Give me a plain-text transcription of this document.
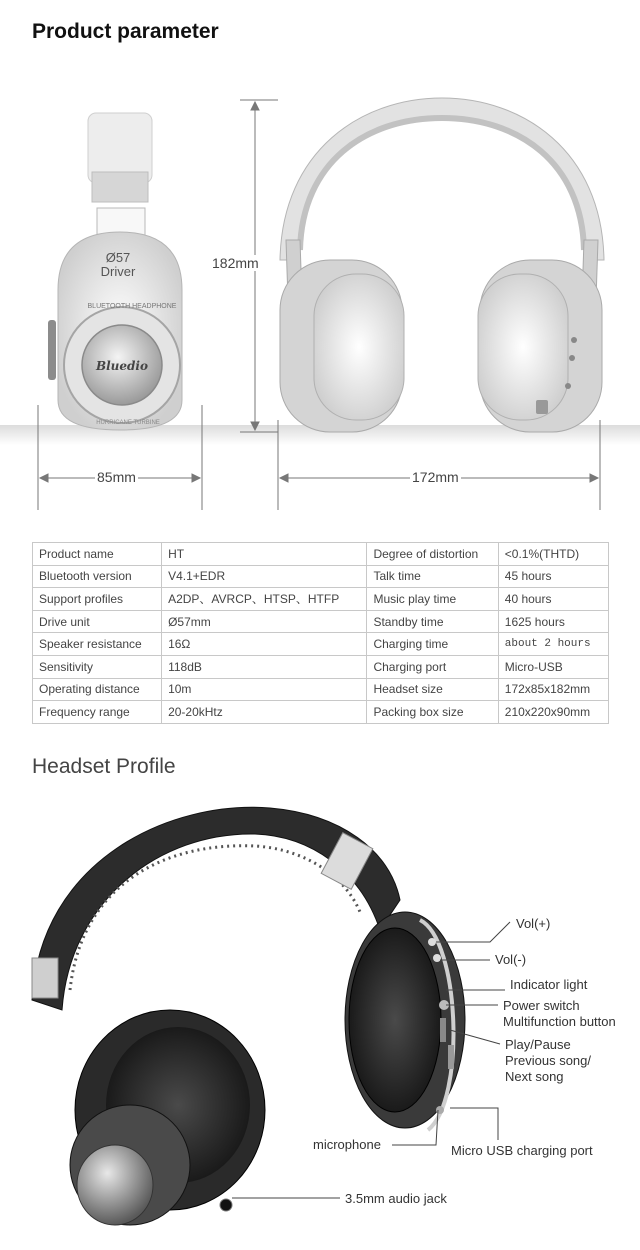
Product parameter
Ø57
Driver
Bluedio
BLUETOOTH HEADPHONE
HURRICANE TURBINE
182mm
85mm	172mm
Product name	HT	Degree of distortion	<0.1%(THTD)
Bluetooth version	V4.1+EDR	Talk time	45 hours
Support profiles	A2DP、AVRCP、HTSP、HTFP	Music play time	40 hours
Drive unit	Ø57mm	Standby time	1625 hours
Speaker resistance	16Ω	Charging time	about 2 hours
Sensitivity	118dB	Charging port	Micro-USB
Operating distance	10m	Headset size	172x85x182mm
Frequency range	20-20kHtz	Packing box size	210x220x90mm
Headset Profile
Vol(+)
Vol(-)
Indicator light
Power switch
Multifunction button
Play/Pause
Previous song/
Next song
microphone	Micro USB charging port
3.5mm audio jack
